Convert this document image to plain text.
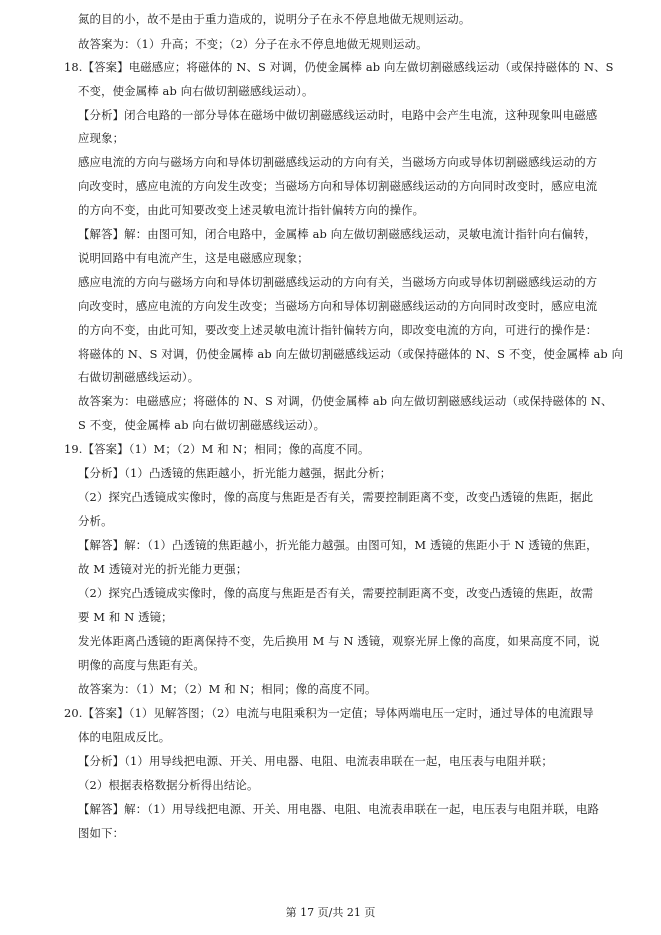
氮的目的小，故不是由于重力造成的，说明分子在永不停息地做无规则运动。
故答案为：（1）升高；不变；（2）分子在永不停息地做无规则运动。
18.【答案】电磁感应；将磁体的 N、S 对调，仍使金属棒 ab 向左做切割磁感线运动（或保持磁体的 N、S
不变，使金属棒 ab 向右做切割磁感线运动）。
【分析】闭合电路的一部分导体在磁场中做切割磁感线运动时，电路中会产生电流，这种现象叫电磁感
应现象；
感应电流的方向与磁场方向和导体切割磁感线运动的方向有关，当磁场方向或导体切割磁感线运动的方
向改变时，感应电流的方向发生改变；当磁场方向和导体切割磁感线运动的方向同时改变时，感应电流
的方向不变，由此可知要改变上述灵敏电流计指针偏转方向的操作。
【解答】解：由图可知，闭合电路中，金属棒 ab 向左做切割磁感线运动，灵敏电流计指针向右偏转，
说明回路中有电流产生，这是电磁感应现象；
感应电流的方向与磁场方向和导体切割磁感线运动的方向有关，当磁场方向或导体切割磁感线运动的方
向改变时，感应电流的方向发生改变；当磁场方向和导体切割磁感线运动的方向同时改变时，感应电流
的方向不变，由此可知，要改变上述灵敏电流计指针偏转方向，即改变电流的方向，可进行的操作是：
将磁体的 N、S 对调，仍使金属棒 ab 向左做切割磁感线运动（或保持磁体的 N、S 不变，使金属棒 ab 向
右做切割磁感线运动）。
故答案为：电磁感应；将磁体的 N、S 对调，仍使金属棒 ab 向左做切割磁感线运动（或保持磁体的 N、
S 不变，使金属棒 ab 向右做切割磁感线运动）。
19.【答案】（1）M；（2）M 和 N；相同；像的高度不同。
【分析】（1）凸透镜的焦距越小，折光能力越强，据此分析；
（2）探究凸透镜成实像时，像的高度与焦距是否有关，需要控制距离不变，改变凸透镜的焦距，据此
分析。
【解答】解：（1）凸透镜的焦距越小，折光能力越强。由图可知，M 透镜的焦距小于 N 透镜的焦距，
故 M 透镜对光的折光能力更强；
（2）探究凸透镜成实像时，像的高度与焦距是否有关，需要控制距离不变，改变凸透镜的焦距，故需
要 M 和 N 透镜；
发光体距离凸透镜的距离保持不变，先后换用 M 与 N 透镜，观察光屏上像的高度，如果高度不同，说
明像的高度与焦距有关。
故答案为：（1）M；（2）M 和 N；相同；像的高度不同。
20.【答案】（1）见解答图；（2）电流与电阻乘积为一定值；导体两端电压一定时，通过导体的电流跟导
体的电阻成反比。
【分析】（1）用导线把电源、开关、用电器、电阻、电流表串联在一起，电压表与电阻并联；
（2）根据表格数据分析得出结论。
【解答】解：（1）用导线把电源、开关、用电器、电阻、电流表串联在一起，电压表与电阻并联，电路
图如下：
第 17 页/共 21 页
